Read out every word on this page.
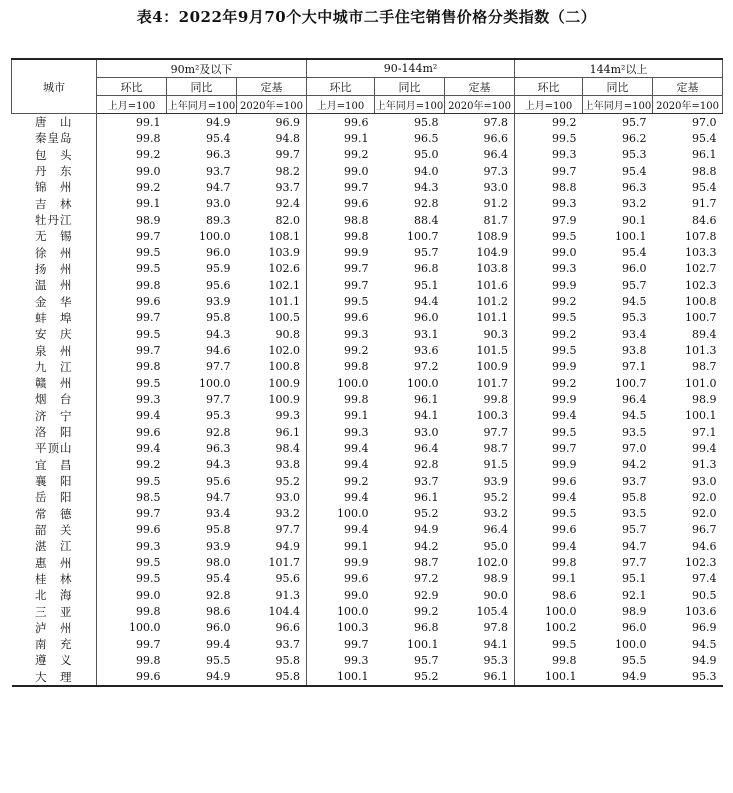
表4：2022年9月70个大中城市二手住宅销售价格分类指数（二）
城市	90m²及以下			90-144m²			144m²以上		
	环比	同比	定基	环比	同比	定基	环比	同比	定基
	上月=100	上年同月=100	2020年=100	上月=100	上年同月=100	2020年=100	上月=100	上年同月=100	2020年=100
唐　山	99.1	94.9	96.9	99.6	95.8	97.8	99.2	95.7	97.0
秦皇岛	99.8	95.4	94.8	99.1	96.5	96.6	99.5	96.2	95.4
包　头	99.2	96.3	99.7	99.2	95.0	96.4	99.3	95.3	96.1
丹　东	99.0	93.7	98.2	99.0	94.0	97.3	99.7	95.4	98.8
锦　州	99.2	94.7	93.7	99.7	94.3	93.0	98.8	96.3	95.4
吉　林	99.1	93.0	92.4	99.6	92.8	91.2	99.3	93.2	91.7
牡丹江	98.9	89.3	82.0	98.8	88.4	81.7	97.9	90.1	84.6
无　锡	99.7	100.0	108.1	99.8	100.7	108.9	99.5	100.1	107.8
徐　州	99.5	96.0	103.9	99.9	95.7	104.9	99.0	95.4	103.3
扬　州	99.5	95.9	102.6	99.7	96.8	103.8	99.3	96.0	102.7
温　州	99.8	95.6	102.1	99.7	95.1	101.6	99.9	95.7	102.3
金　华	99.6	93.9	101.1	99.5	94.4	101.2	99.2	94.5	100.8
蚌　埠	99.7	95.8	100.5	99.6	96.0	101.1	99.5	95.3	100.7
安　庆	99.5	94.3	90.8	99.3	93.1	90.3	99.2	93.4	89.4
泉　州	99.7	94.6	102.0	99.2	93.6	101.5	99.5	93.8	101.3
九　江	99.8	97.7	100.8	99.8	97.2	100.9	99.9	97.1	98.7
赣　州	99.5	100.0	100.9	100.0	100.0	101.7	99.2	100.7	101.0
烟　台	99.3	97.7	100.9	99.8	96.1	99.8	99.9	96.4	98.9
济　宁	99.4	95.3	99.3	99.1	94.1	100.3	99.4	94.5	100.1
洛　阳	99.6	92.8	96.1	99.3	93.0	97.7	99.5	93.5	97.1
平顶山	99.4	96.3	98.4	99.4	96.4	98.7	99.7	97.0	99.4
宜　昌	99.2	94.3	93.8	99.4	92.8	91.5	99.9	94.2	91.3
襄　阳	99.5	95.6	95.2	99.2	93.7	93.9	99.6	93.7	93.0
岳　阳	98.5	94.7	93.0	99.4	96.1	95.2	99.4	95.8	92.0
常　德	99.7	93.4	93.2	100.0	95.2	93.2	99.5	93.5	92.0
韶　关	99.6	95.8	97.7	99.4	94.9	96.4	99.6	95.7	96.7
湛　江	99.3	93.9	94.9	99.1	94.2	95.0	99.4	94.7	94.6
惠　州	99.5	98.0	101.7	99.9	98.7	102.0	99.8	97.7	102.3
桂　林	99.5	95.4	95.6	99.6	97.2	98.9	99.1	95.1	97.4
北　海	99.0	92.8	91.3	99.0	92.9	90.0	98.6	92.1	90.5
三　亚	99.8	98.6	104.4	100.0	99.2	105.4	100.0	98.9	103.6
泸　州	100.0	96.0	96.6	100.3	96.8	97.8	100.2	96.0	96.9
南　充	99.7	99.4	93.7	99.7	100.1	94.1	99.5	100.0	94.5
遵　义	99.8	95.5	95.8	99.3	95.7	95.3	99.8	95.5	94.9
大　理	99.6	94.9	95.8	100.1	95.2	96.1	100.1	94.9	95.3
